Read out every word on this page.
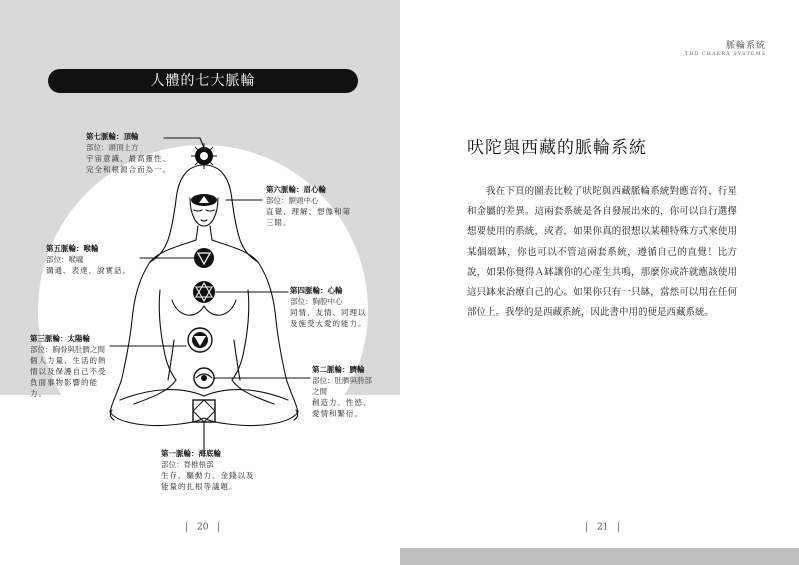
人體的七大脈輪
第七脈輪：頂輪
部位：頭頂上方
宇宙意識、最高靈性、完全和根源合而為一。
第六脈輪：眉心輪
部位：額頭中心
直覺、理解、想像和第三眼。
第五脈輪：喉輪
部位：喉嚨
溝通、表達、說實話。
第四脈輪：心輪
部位：胸腔中心
同情、友情、同理以及施受大愛的能力。
第三脈輪：太陽輪
部位：胸骨與肚臍之間
個人力量、生活的熱情以及保護自己不受負面事物影響的能力。
第二脈輪：臍輪
部位：肚臍與胯部之間
創造力、性慾、愛情和繁衍。
第一脈輪：海底輪
部位：脊椎根部
生存、驅動力、金錢以及能量的扎根等議題。
20
脈輪系統
THE CHAKRA SYSTEMS
吠陀與西藏的脈輪系統
我在下頁的圖表比較了吠陀與西藏脈輪系統對應音符、行星和金屬的差異。這兩套系統是各自發展出來的，你可以自行選擇想要使用的系統，或者，如果你真的很想以某種特殊方式來使用某個頌缽，你也可以不管這兩套系統，遵循自己的直覺！比方說，如果你覺得Ａ缽讓你的心產生共鳴，那麼你或許就應該使用這只缽來治療自己的心。如果你只有一只缽，當然可以用在任何部位上。我學的是西藏系統，因此書中用的便是西藏系統。
21
